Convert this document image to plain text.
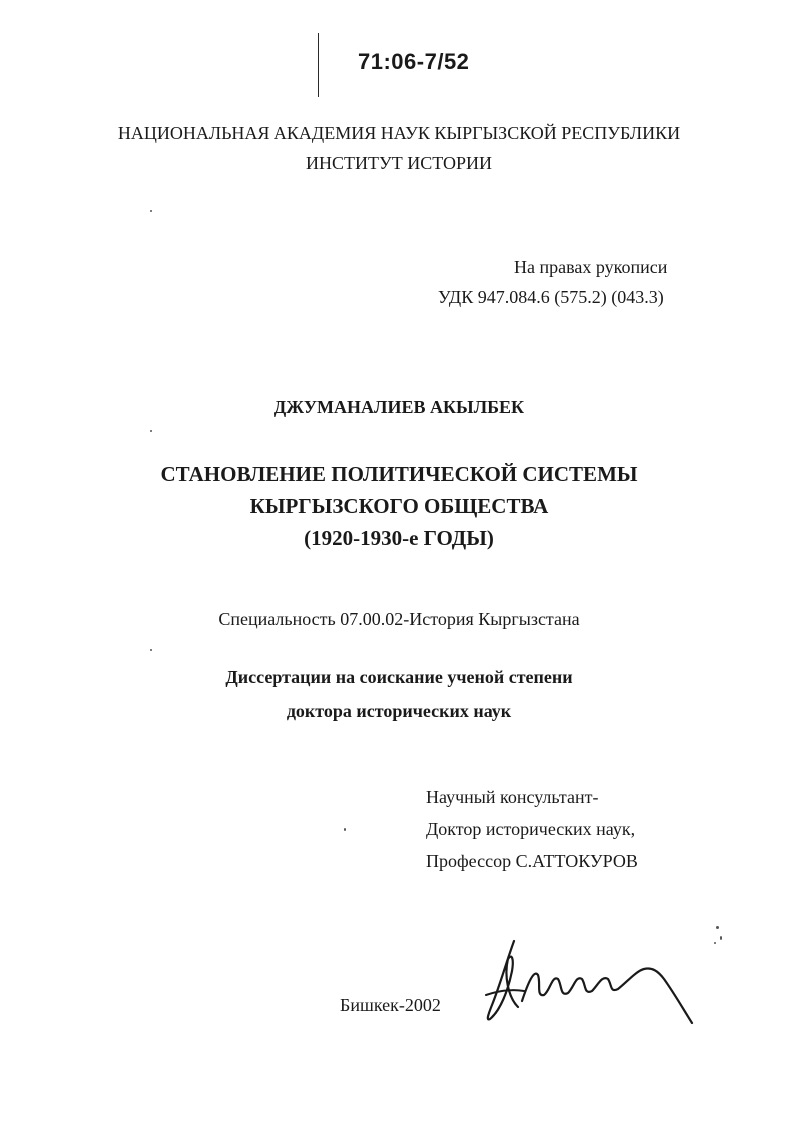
71:06-7/52
НАЦИОНАЛЬНАЯ АКАДЕМИЯ НАУК КЫРГЫЗСКОЙ РЕСПУБЛИКИ
ИНСТИТУТ ИСТОРИИ
На правах рукописи
УДК 947.084.6 (575.2) (043.3)
ДЖУМАНАЛИЕВ АКЫЛБЕК
СТАНОВЛЕНИЕ ПОЛИТИЧЕСКОЙ СИСТЕМЫ
КЫРГЫЗСКОГО ОБЩЕСТВА
(1920-1930-е ГОДЫ)
Специальность 07.00.02-История Кыргызстана
Диссертации на соискание ученой степени
доктора исторических наук
Научный консультант-
Доктор исторических наук,
Профессор С.АТТОКУРОВ
Бишкек-2002
